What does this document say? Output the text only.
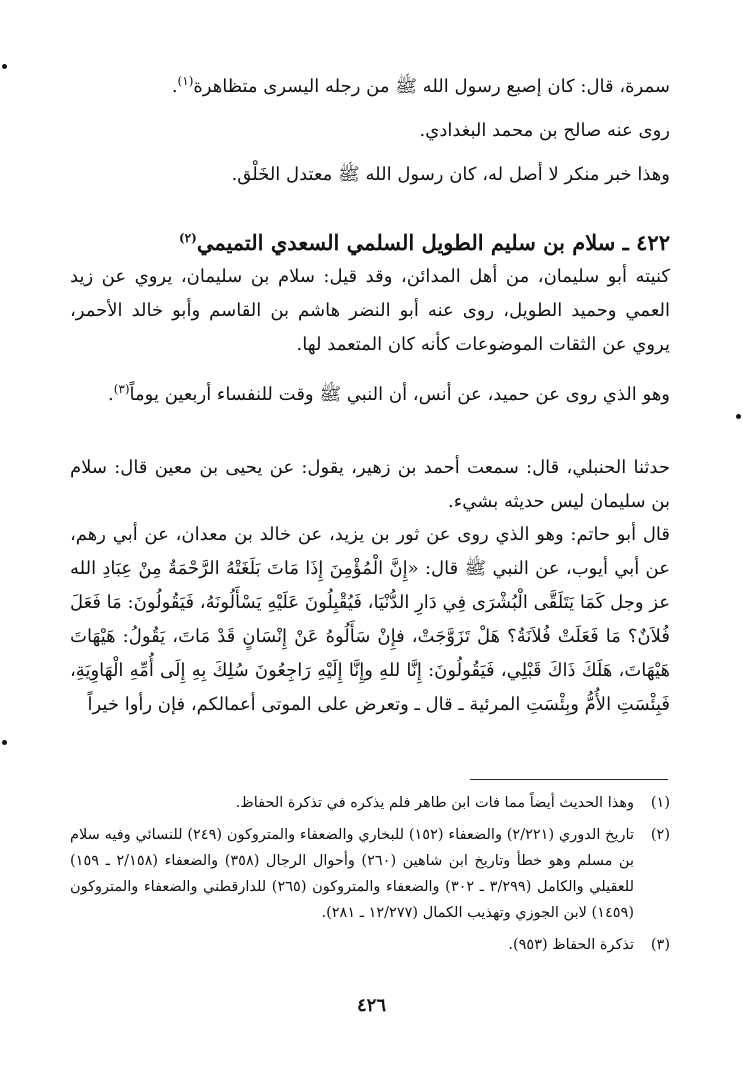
سمرة، قال: كان إصبع رسول الله ﷺ من رجله اليسرى متظاهرة$^{(١)}$.
روى عنه صالح بن محمد البغدادي.
وهذا خبر منكر لا أصل له، كان رسول الله ﷺ معتدل الخَلْق.
٤٢٢ ـ سلام بن سليم الطويل السلمي السعدي التميمي$^{(٢)}$
كنيته أبو سليمان، من أهل المدائن، وقد قيل: سلام بن سليمان، يروي عن زيد العمي وحميد الطويل، روى عنه أبو النضر هاشم بن القاسم وأبو خالد الأحمر، يروي عن الثقات الموضوعات كأنه كان المتعمد لها.
وهو الذي روى عن حميد، عن أنس، أن النبي ﷺ وقت للنفساء أربعين يوماً$^{(٣)}$.
حدثنا الحنبلي، قال: سمعت أحمد بن زهير، يقول: عن يحيى بن معين قال: سلام بن سليمان ليس حديثه بشيء.
قال أبو حاتم: وهو الذي روى عن ثور بن يزيد، عن خالد بن معدان، عن أبي رهم، عن أبي أيوب، عن النبي ﷺ قال: «إِنَّ الْمُؤْمِنَ إِذَا مَاتَ بَلَغَتْهُ الرَّحْمَةُ مِنْ عِبَادِ الله عز وجل كَمَا يَتَلَقَّى الْبُشْرَى فِي دَارِ الدُّنْيَا، فَيُقْبِلُونَ عَلَيْهِ يَسْأَلُونَهُ، فَيَقُولُونَ: مَا فَعَلَ فُلاَنٌ؟ مَا فَعَلَتْ فُلاَنَةُ؟ هَلْ تَزَوَّجَتْ، فإِنْ سَأَلُوهُ عَنْ إِنْسَانٍ قَدْ مَاتَ، يَقُولُ: هَيْهَاتَ هَيْهَاتَ، هَلَكَ ذَاكَ قَبْلِي، فَيَقُولُونَ: إِنَّا للهِ وإِنَّا إِلَيْهِ رَاجِعُونَ سُلِكَ بِهِ إِلَى أُمِّهِ الْهَاوِيَةِ، فَبِئْسَتِ الأُمُّ وبِئْسَتِ المرئية ـ قال ـ وتعرض على الموتى أعمالكم، فإن رأوا خيراً
(١)
وهذا الحديث أيضاً مما فات ابن طاهر فلم يذكره في تذكرة الحفاظ.
(٢)
تاريخ الدوري (٢/٢٢١) والضعفاء (١٥٢) للبخاري والضعفاء والمتروكون (٢٤٩) للنسائي وفيه سلام بن مسلم وهو خطأ وتاريخ ابن شاهين (٢٦٠) وأحوال الرجال (٣٥٨) والضعفاء (٢/١٥٨ ـ ١٥٩) للعقيلي والكامل (٣/٢٩٩ ـ ٣٠٢) والضعفاء والمتروكون (٢٦٥) للدارقطني والضعفاء والمتروكون (١٤٥٩) لابن الجوزي وتهذيب الكمال (١٢/٢٧٧ ـ ٢٨١).
(٣)
تذكرة الحفاظ (٩٥٣).
٤٢٦
